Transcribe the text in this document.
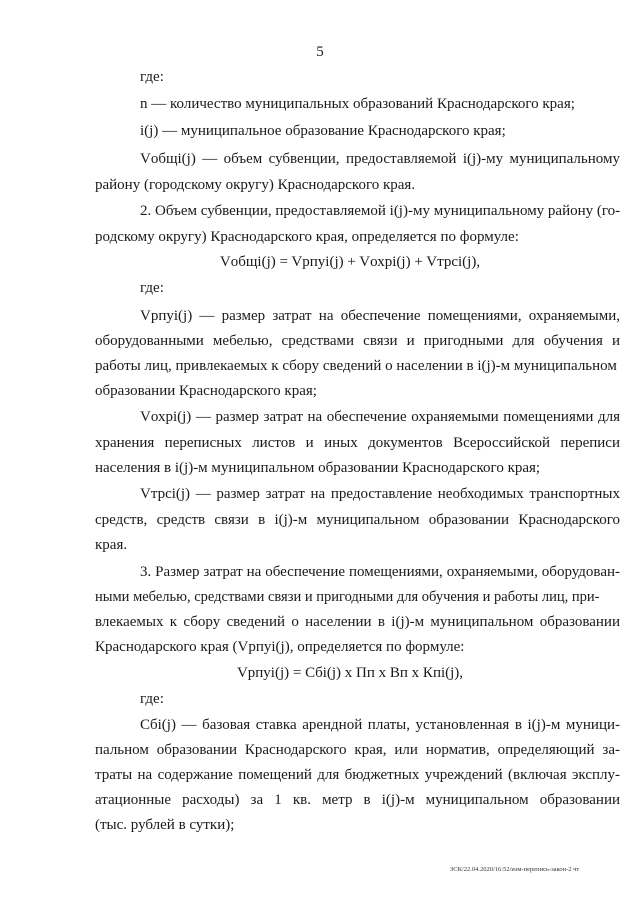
5
где:
n — количество муниципальных образований Краснодарского края;
i(j) — муниципальное образование Краснодарского края;
Vобщi(j) — объем субвенции, предоставляемой i(j)-му муниципальному
району (городскому округу) Краснодарского края.
2. Объем субвенции, предоставляемой i(j)-му муниципальному району (го-
родскому округу) Краснодарского края, определяется по формуле:
Vобщi(j) = Vрпуi(j) + Vохрi(j) + Vтрсi(j),
где:
Vрпуi(j) — размер затрат на обеспечение помещениями, охраняемыми,
оборудованными мебелью, средствами связи и пригодными для обучения и
работы лиц, привлекаемых к сбору сведений о населении в i(j)-м муниципальном
образовании Краснодарского края;
Vохрi(j) — размер затрат на обеспечение охраняемыми помещениями для
хранения переписных листов и иных документов Всероссийской переписи
населения в i(j)-м муниципальном образовании Краснодарского края;
Vтрсi(j) — размер затрат на предоставление необходимых транспортных
средств, средств связи в i(j)-м муниципальном образовании Краснодарского
края.
3. Размер затрат на обеспечение помещениями, охраняемыми, оборудован-
ными мебелью, средствами связи и пригодными для обучения и работы лиц, при-
влекаемых к сбору сведений о населении в i(j)-м муниципальном образовании
Краснодарского края (Vрпуi(j), определяется по формуле:
Vрпуi(j) = Cбi(j) x Пп x Вп x Кпi(j),
где:
Cбi(j) — базовая ставка арендной платы, установленная в i(j)-м муници-
пальном образовании Краснодарского края, или норматив, определяющий за-
траты на содержание помещений для бюджетных учреждений (включая эксплу-
атационные расходы) за 1 кв. метр в i(j)-м муниципальном образовании
(тыс. рублей в сутки);
ЗСК/22.04.2020/16:52/изм-перепись-закон-2 чт
